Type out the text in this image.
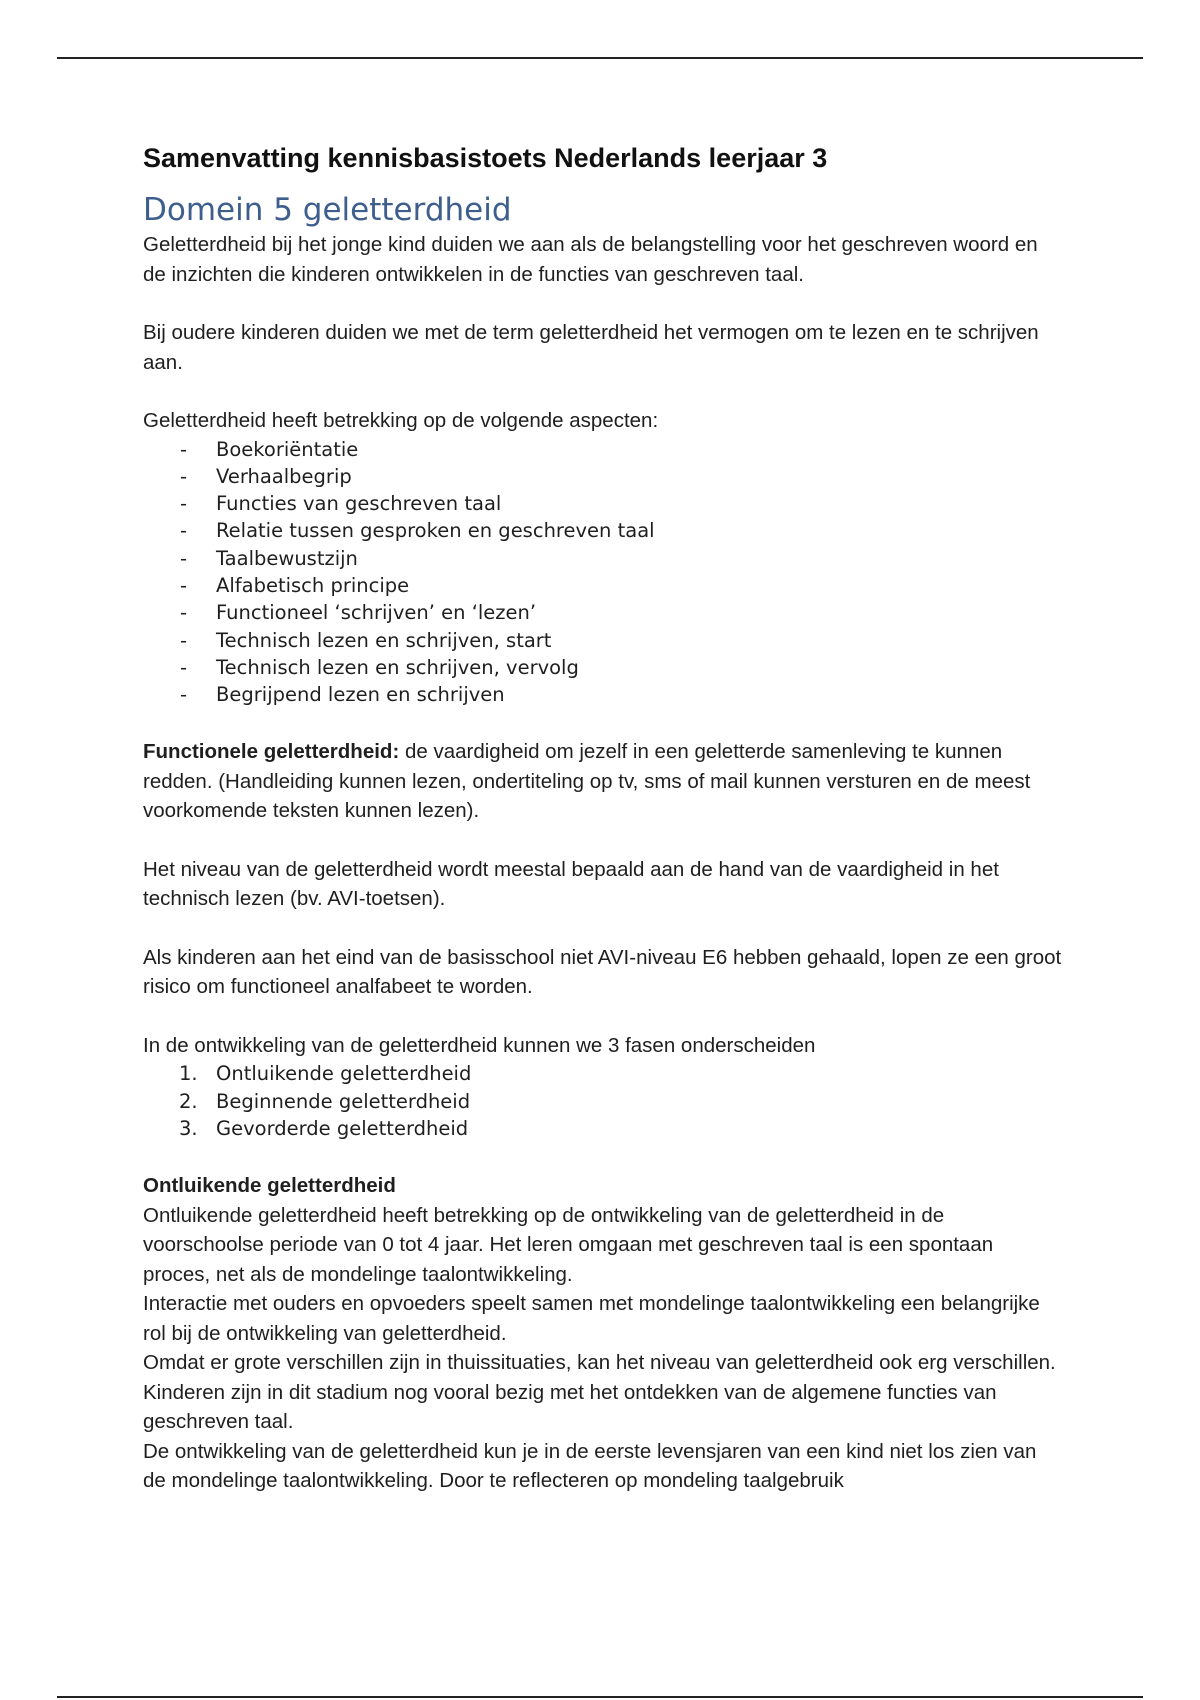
Samenvatting kennisbasistoets Nederlands leerjaar 3
Domein 5 geletterdheid

Geletterdheid bij het jonge kind duiden we aan als de belangstelling voor het geschreven woord en de inzichten die kinderen ontwikkelen in de functies van geschreven taal.

Bij oudere kinderen duiden we met de term geletterdheid het vermogen om te lezen en te schrijven aan.

Geletterdheid heeft betrekking op de volgende aspecten:

- Boekoriëntatie
- Verhaalbegrip
- Functies van geschreven taal
- Relatie tussen gesproken en geschreven taal
- Taalbewustzijn
- Alfabetisch principe
- Functioneel ‘schrijven’ en ‘lezen’
- Technisch lezen en schrijven, start
- Technisch lezen en schrijven, vervolg
- Begrijpend lezen en schrijven

Functionele geletterdheid: de vaardigheid om jezelf in een geletterde samenleving te kunnen redden. (Handleiding kunnen lezen, ondertiteling op tv, sms of mail kunnen versturen en de meest voorkomende teksten kunnen lezen).

Het niveau van de geletterdheid wordt meestal bepaald aan de hand van de vaardigheid in het technisch lezen (bv. AVI-toetsen).

Als kinderen aan het eind van de basisschool niet AVI-niveau E6 hebben gehaald, lopen ze een groot risico om functioneel analfabeet te worden.

In de ontwikkeling van de geletterdheid kunnen we 3 fasen onderscheiden

1. Ontluikende geletterdheid
2. Beginnende geletterdheid
3. Gevorderde geletterdheid

Ontluikende geletterdheid

Ontluikende geletterdheid heeft betrekking op de ontwikkeling van de geletterdheid in de voorschoolse periode van 0 tot 4 jaar. Het leren omgaan met geschreven taal is een spontaan proces, net als de mondelinge taalontwikkeling.

Interactie met ouders en opvoeders speelt samen met mondelinge taalontwikkeling een belangrijke rol bij de ontwikkeling van geletterdheid.

Omdat er grote verschillen zijn in thuissituaties, kan het niveau van geletterdheid ook erg verschillen.

Kinderen zijn in dit stadium nog vooral bezig met het ontdekken van de algemene functies van geschreven taal.

De ontwikkeling van de geletterdheid kun je in de eerste levensjaren van een kind niet los zien van de mondelinge taalontwikkeling. Door te reflecteren op mondeling taalgebruik
